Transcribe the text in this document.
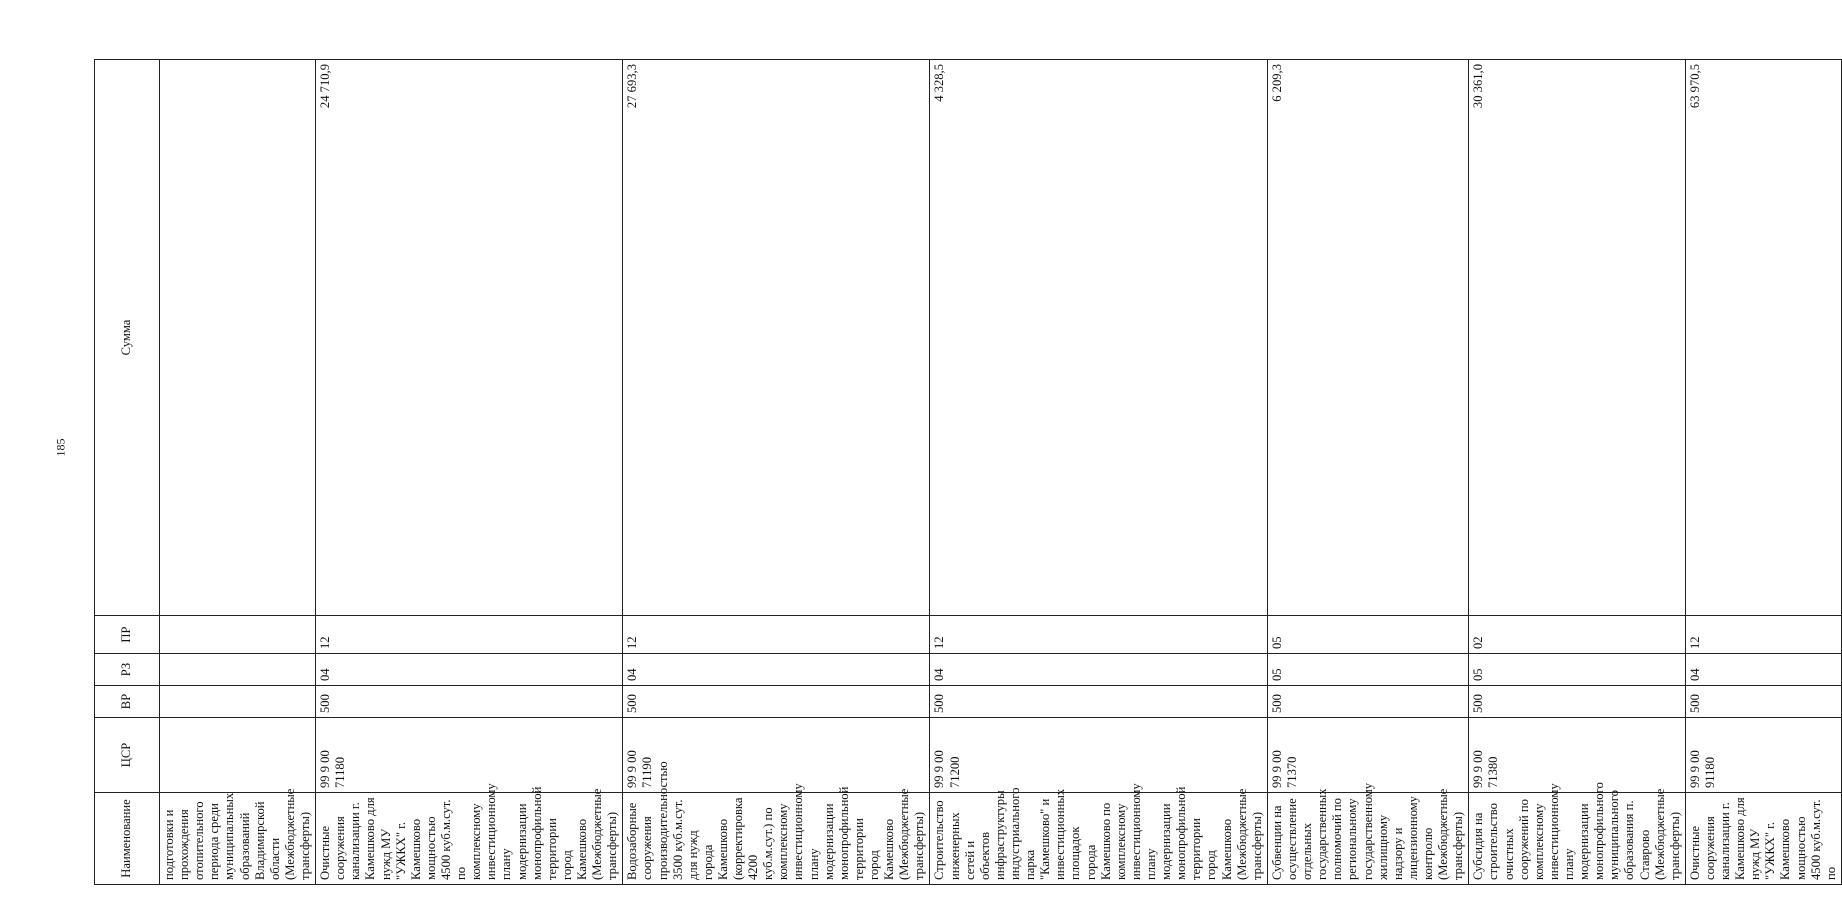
185
Наименование	ЦСР	ВР	РЗ	ПР	Сумма
подготовки и прохождения отопительного периода среди муниципальных образований Владимирской области (Межбюджетные трансферты)					
Очистные сооружения канализации г. Камешково для нужд МУ "УЖКХ" г. Камешково мощностью 4500 куб.м.сут. по комплексному инвестиционному плану модернизации монопрофильной территории город Камешково (Межбюджетные трансферты)	99 9 00 71180	500	04	12	24 710,9
Водозаборные сооружения производительностью 3500 куб.м.сут. для нужд города Камешково (корректировка 4200 куб.м.сут.) по комплексному инвестиционному плану модернизации монопрофильной территории город Камешково (Межбюджетные трансферты)	99 9 00 71190	500	04	12	27 693,3
Строительство инженерных сетей и объектов инфраструктуры индустриального парка "Камешково" и инвестиционных площадок города Камешково по комплексному инвестиционному плану модернизации монопрофильной территории город Камешково (Межбюджетные трансферты)	99 9 00 71200	500	04	12	4 328,5
Субвенции на осуществление отдельных государственных полномочий по региональному государственному жилищному надзору и лицензионному контролю (Межбюджетные трансферты)	99 9 00 71370	500	05	05	6 209,3
Субсидия на строительство очистных сооружений по комплексному инвестиционному плану модернизации монопрофильного муниципального образования п. Ставрово (Межбюджетные трансферты)	99 9 00 71380	500	05	02	30 361,0
Очистные сооружения канализации г. Камешково для нужд МУ "УЖКХ" г. Камешково мощностью 4500 куб.м.сут. по	99 9 00 91180	500	04	12	63 970,5
